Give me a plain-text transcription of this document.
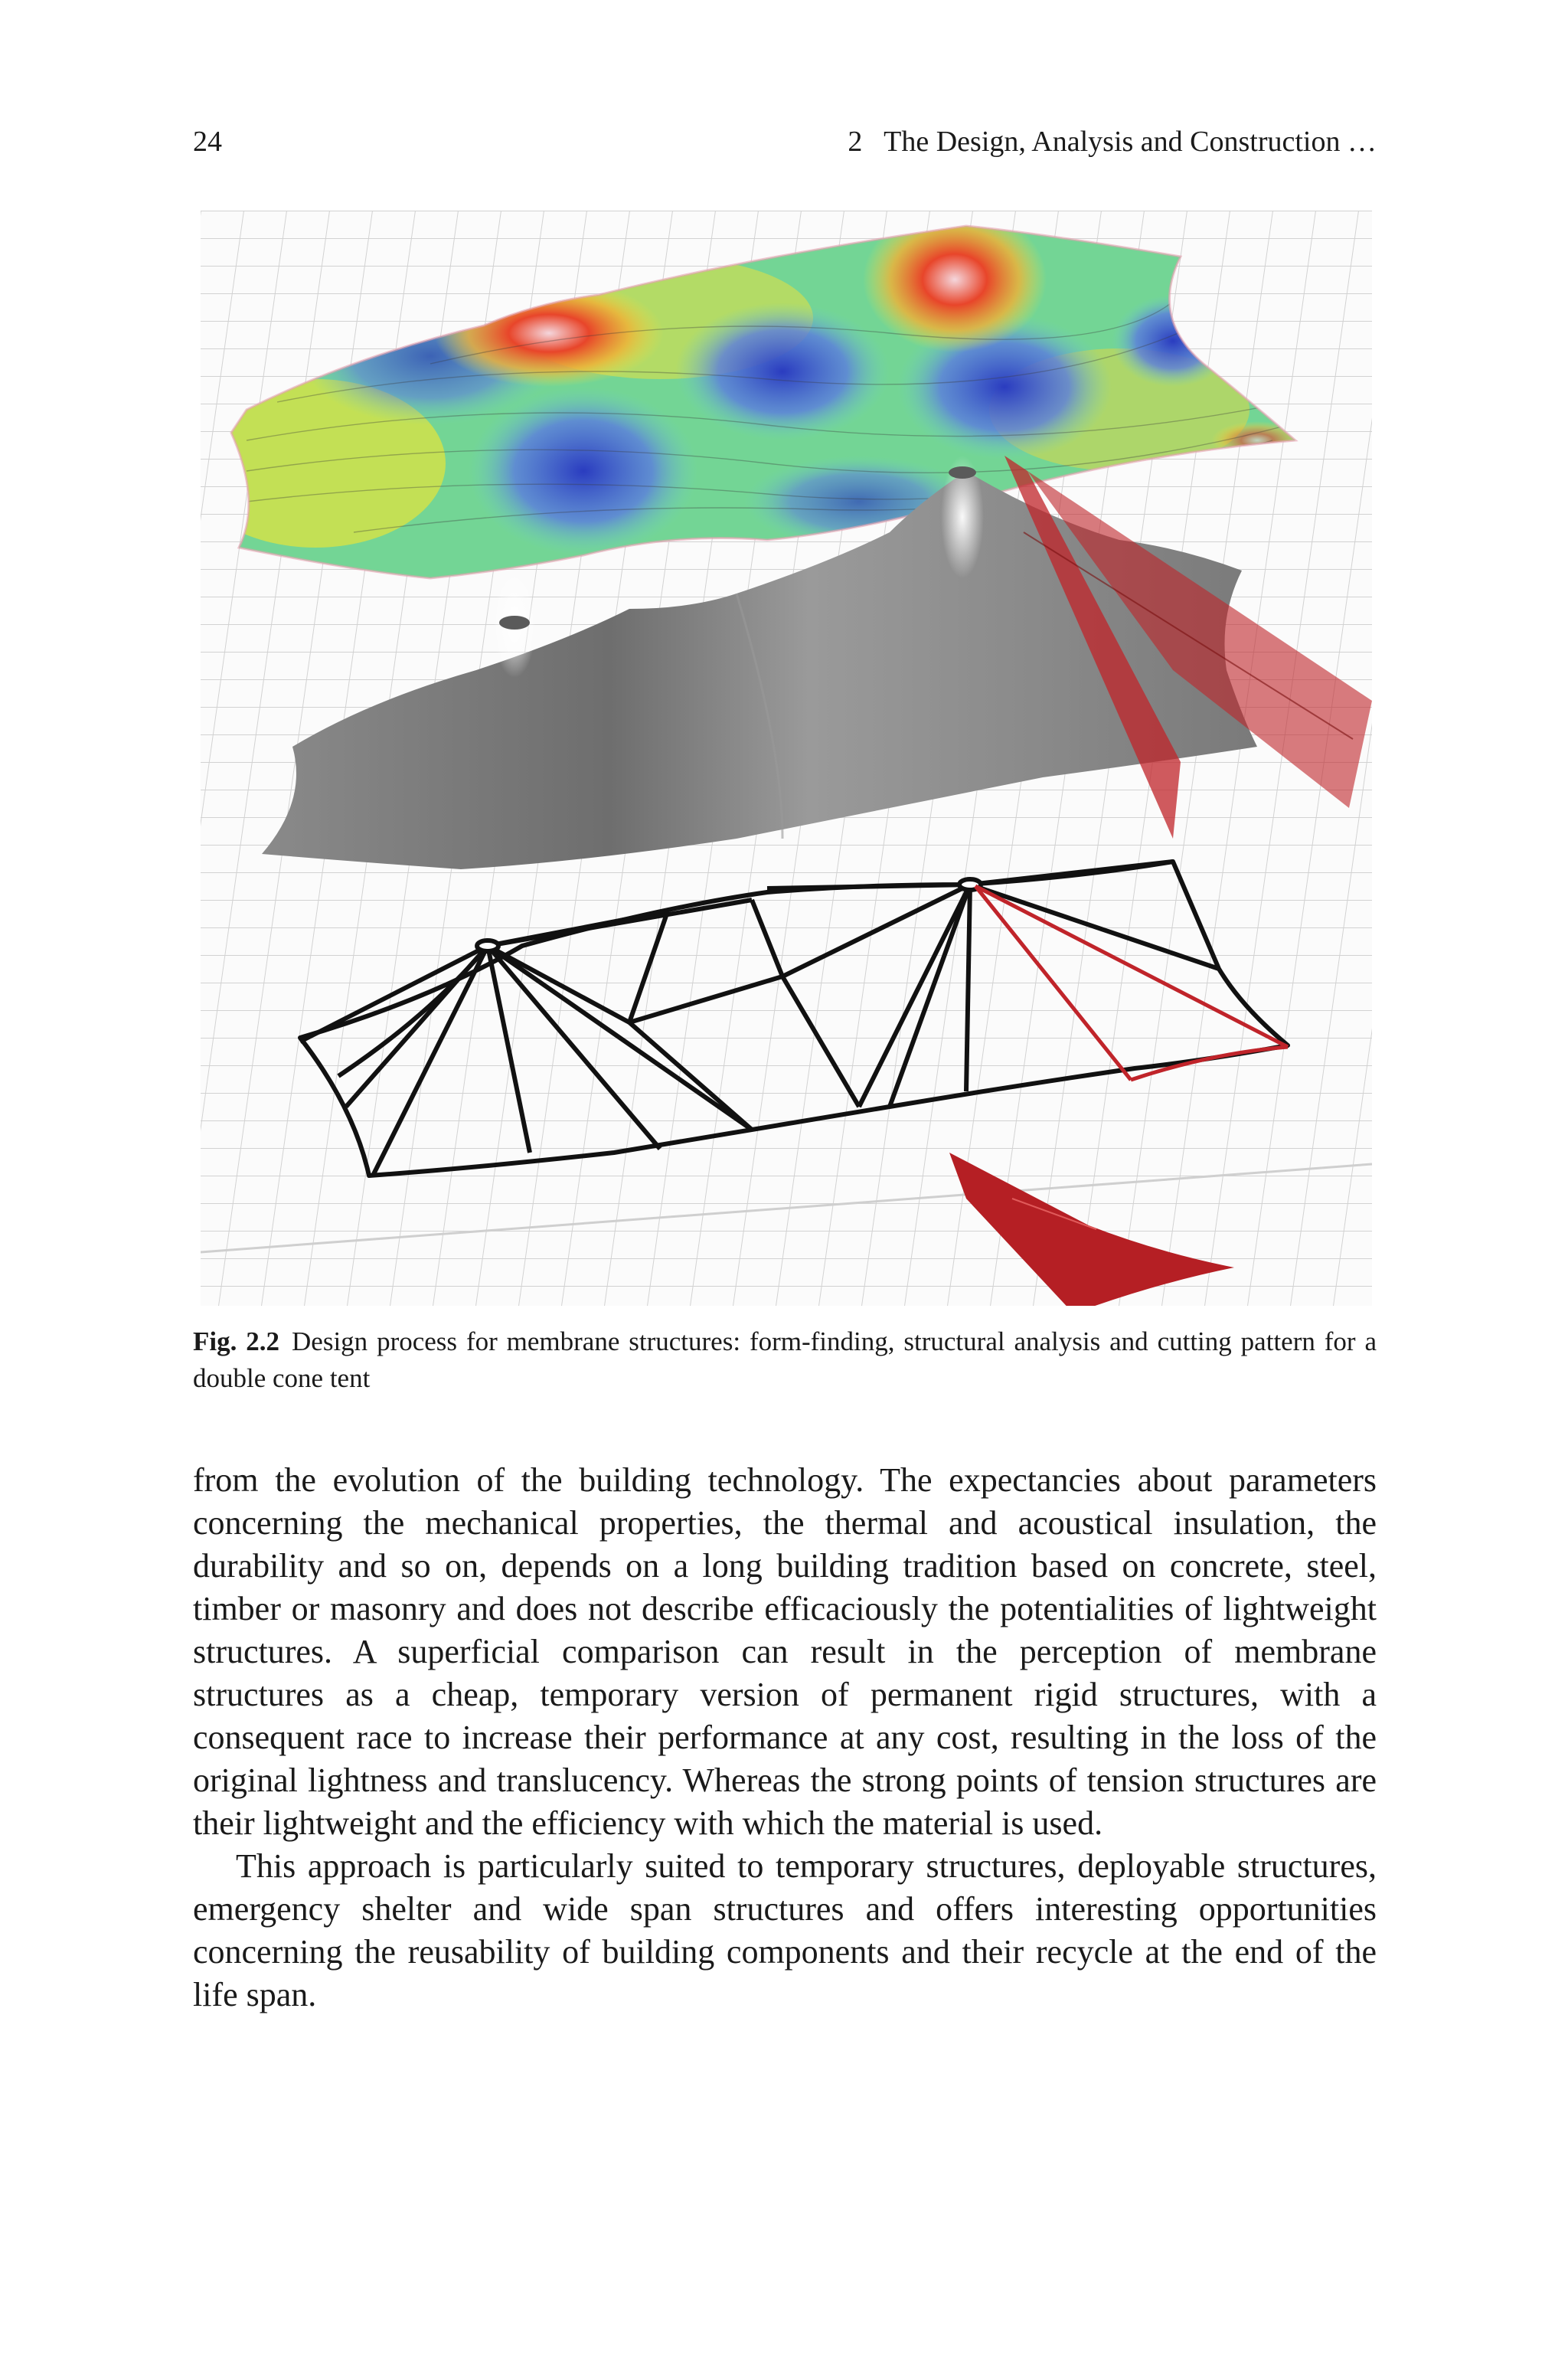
24	2   The Design, Analysis and Construction …
Fig. 2.2 Design process for membrane structures: form-finding, structural analysis and cutting pattern for a double cone tent

from the evolution of the building technology. The expectancies about parameters concerning the mechanical properties, the thermal and acoustical insulation, the durability and so on, depends on a long building tradition based on concrete, steel, timber or masonry and does not describe efficaciously the potentialities of lightweight structures. A superficial comparison can result in the perception of membrane structures as a cheap, temporary version of permanent rigid structures, with a consequent race to increase their performance at any cost, resulting in the loss of the original lightness and translucency. Whereas the strong points of tension structures are their lightweight and the efficiency with which the material is used.

This approach is particularly suited to temporary structures, deployable structures, emergency shelter and wide span structures and offers interesting opportunities concerning the reusability of building components and their recycle at the end of the life span.
